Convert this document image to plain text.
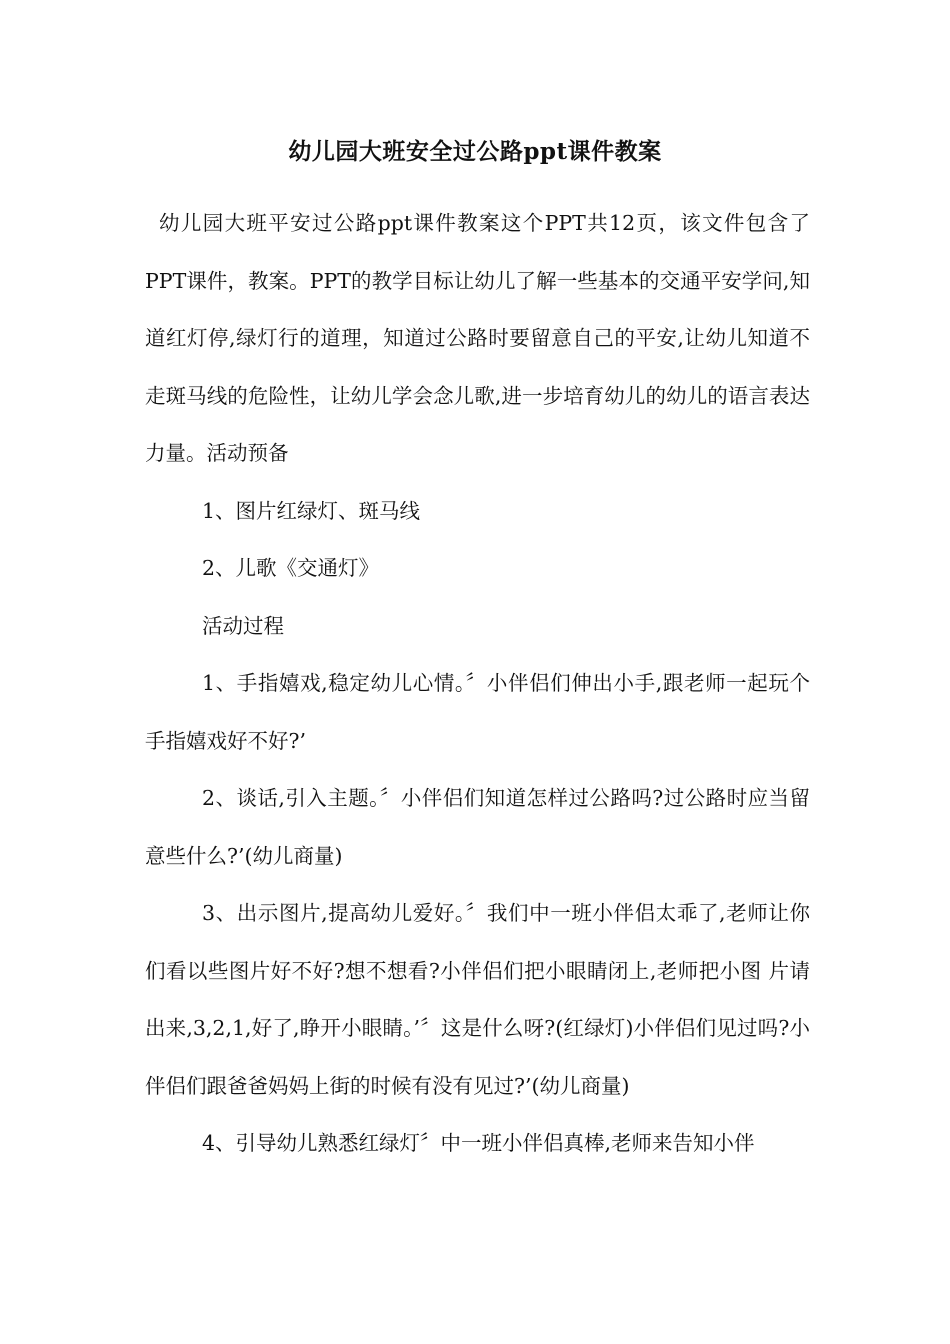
幼儿园大班安全过公路ppt课件教案

幼儿园大班平安过公路ppt课件教案这个PPT共12页，该文件包含了PPT课件，教案。PPT的教学目标让幼儿了解一些基本的交通平安学问,知道红灯停,绿灯行的道理，知道过公路时要留意自己的平安,让幼儿知道不走斑马线的危险性，让幼儿学会念儿歌,进一步培育幼儿的幼儿的语言表达力量。活动预备

1、图片红绿灯、斑马线

2、儿歌《交通灯》

活动过程

1、手指嬉戏,稳定幼儿心情。〞小伴侣们伸出小手,跟老师一起玩个手指嬉戏好不好?’

2、谈话,引入主题。〞小伴侣们知道怎样过公路吗?过公路时应当留意些什么?’(幼儿商量)

3、出示图片,提高幼儿爱好。〞我们中一班小伴侣太乖了,老师让你们看以些图片好不好?想不想看?小伴侣们把小眼睛闭上,老师把小图 片请出来,3,2,1,好了,睁开小眼睛。’〞这是什么呀?(红绿灯)小伴侣们见过吗?小伴侣们跟爸爸妈妈上街的时候有没有见过?’(幼儿商量)

4、引导幼儿熟悉红绿灯〞中一班小伴侣真棒,老师来告知小伴
